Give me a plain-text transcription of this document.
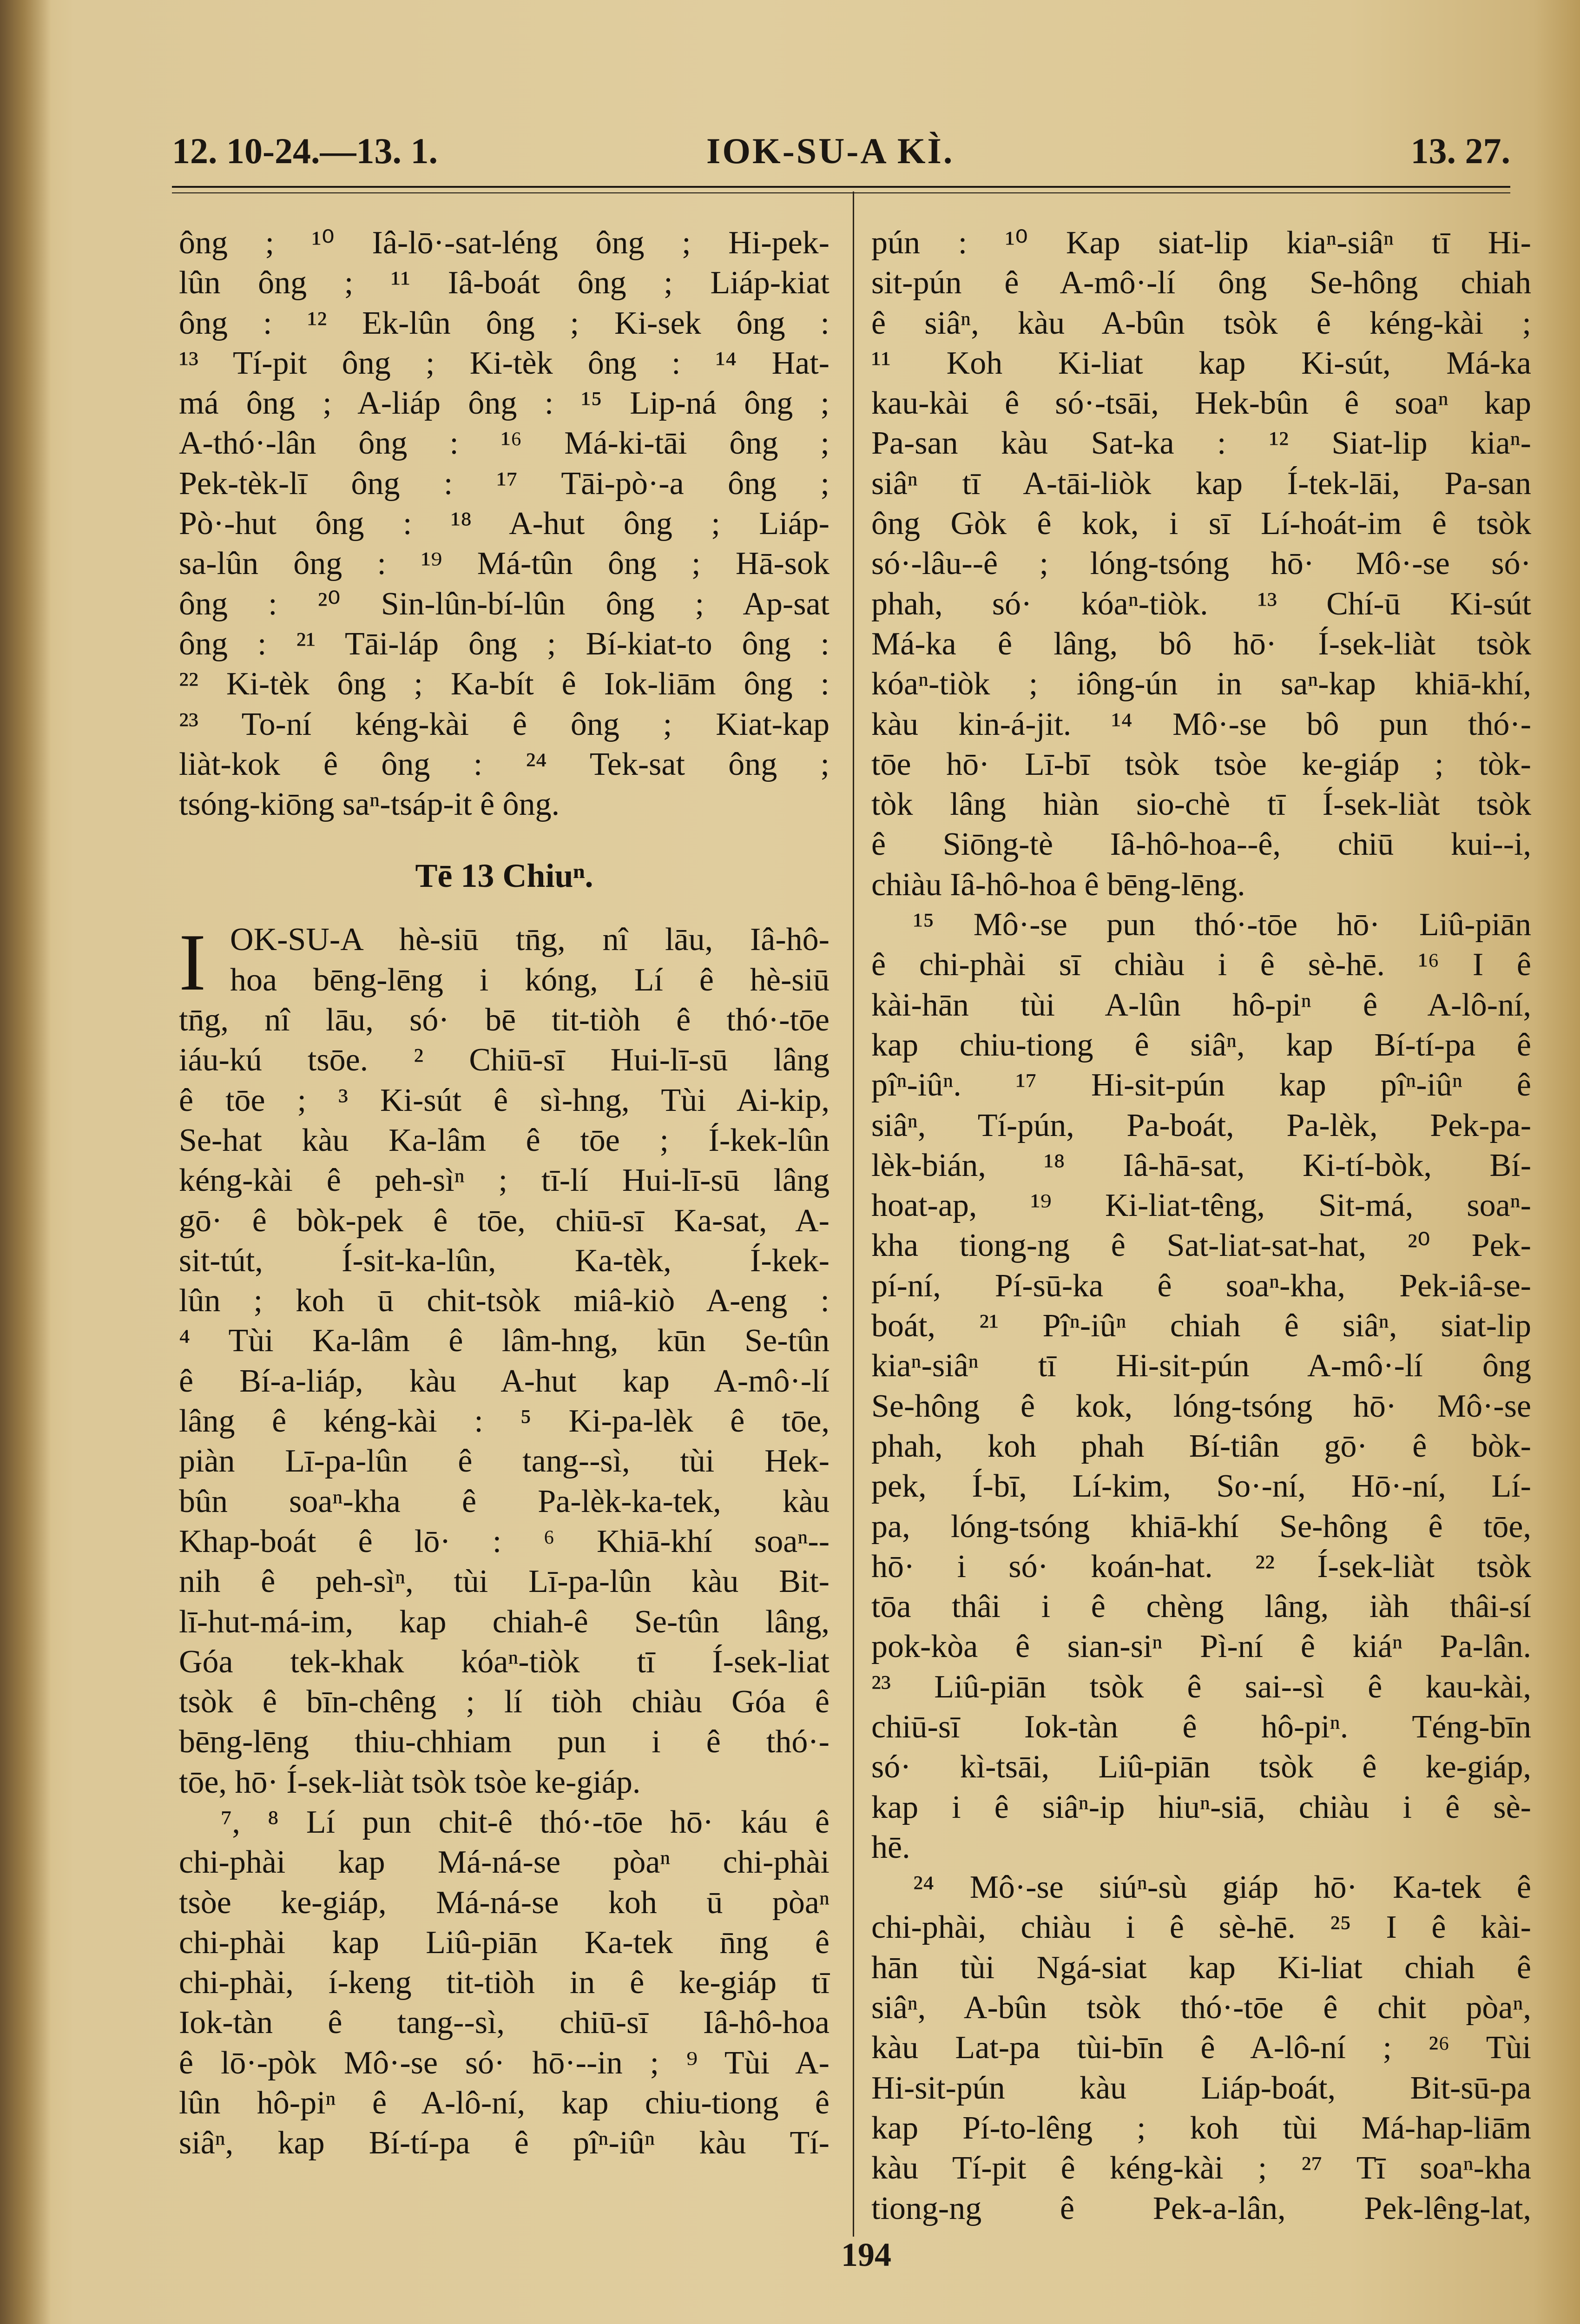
12. 10-24.—13. 1.	IOK-SU-A KÌ.	13. 27.
ông ; ¹⁰ Iâ-lō·-sat-léng ông ; Hi-pek-
lûn ông ; ¹¹ Iâ-boát ông ; Liáp-kiat
ông : ¹² Ek-lûn ông ; Ki-sek ông :
¹³ Tí-pit ông ; Ki-tèk ông : ¹⁴ Hat-
má ông ; A-liáp ông : ¹⁵ Lip-ná ông ;
A-thó·-lân ông : ¹⁶ Má-ki-tāi ông ;
Pek-tèk-lī ông : ¹⁷ Tāi-pò·-a ông ;
Pò·-hut ông : ¹⁸ A-hut ông ; Liáp-
sa-lûn ông : ¹⁹ Má-tûn ông ; Hā-sok
ông : ²⁰ Sin-lûn-bí-lûn ông ; Ap-sat
ông : ²¹ Tāi-láp ông ; Bí-kiat-to ông :
²² Ki-tèk ông ; Ka-bít ê Iok-liām ông :
²³ To-ní kéng-kài ê ông ; Kiat-kap
liàt-kok ê ông : ²⁴ Tek-sat ông ;
tsóng-kiōng saⁿ-tsáp-it ê ông.
Tē 13 Chiuⁿ.
I OK-SU-A hè-siū tn̄g, nî lāu, Iâ-hô-
hoa bēng-lēng i kóng, Lí ê hè-siū
tn̄g, nî lāu, só· bē tit-tiòh ê thó·-tōe
iáu-kú tsōe. ² Chiū-sī Hui-lī-sū lâng
ê tōe ; ³ Ki-sút ê sì-hng, Tùi Ai-kip,
Se-hat kàu Ka-lâm ê tōe ; Í-kek-lûn
kéng-kài ê peh-sìⁿ ; tī-lí Hui-lī-sū lâng
gō· ê bòk-pek ê tōe, chiū-sī Ka-sat, A-
sit-tút, Í-sit-ka-lûn, Ka-tèk, Í-kek-
lûn ; koh ū chit-tsòk miâ-kiò A-eng :
⁴ Tùi Ka-lâm ê lâm-hng, kūn Se-tûn
ê Bí-a-liáp, kàu A-hut kap A-mô·-lí
lâng ê kéng-kài : ⁵ Ki-pa-lèk ê tōe,
piàn Lī-pa-lûn ê tang--sì, tùi Hek-
bûn soaⁿ-kha ê Pa-lèk-ka-tek, kàu
Khap-boát ê lō· : ⁶ Khiā-khí soaⁿ--
nih ê peh-sìⁿ, tùi Lī-pa-lûn kàu Bit-
lī-hut-má-im, kap chiah-ê Se-tûn lâng,
Góa tek-khak kóaⁿ-tiòk tī Í-sek-liat
tsòk ê bīn-chêng ; lí tiòh chiàu Góa ê
bēng-lēng thiu-chhiam pun i ê thó·-
tōe, hō· Í-sek-liàt tsòk tsòe ke-giáp.
⁷, ⁸ Lí pun chit-ê thó·-tōe hō· káu ê
chi-phài kap Má-ná-se pòaⁿ chi-phài
tsòe ke-giáp, Má-ná-se koh ū pòaⁿ
chi-phài kap Liû-piān Ka-tek n̄ng ê
chi-phài, í-keng tit-tiòh in ê ke-giáp tī
Iok-tàn ê tang--sì, chiū-sī Iâ-hô-hoa
ê lō·-pòk Mô·-se só· hō·--in ; ⁹ Tùi A-
lûn hô-piⁿ ê A-lô-ní, kap chiu-tiong ê
siâⁿ, kap Bí-tí-pa ê pîⁿ-iûⁿ kàu Tí-
pún : ¹⁰ Kap siat-lip kiaⁿ-siâⁿ tī Hi-
sit-pún ê A-mô·-lí ông Se-hông chiah
ê siâⁿ, kàu A-bûn tsòk ê kéng-kài ;
¹¹ Koh Ki-liat kap Ki-sút, Má-ka
kau-kài ê só·-tsāi, Hek-bûn ê soaⁿ kap
Pa-san kàu Sat-ka : ¹² Siat-lip kiaⁿ-
siâⁿ tī A-tāi-liòk kap Í-tek-lāi, Pa-san
ông Gòk ê kok, i sī Lí-hoát-im ê tsòk
só·-lâu--ê ; lóng-tsóng hō· Mô·-se só·
phah, só· kóaⁿ-tiòk. ¹³ Chí-ū Ki-sút
Má-ka ê lâng, bô hō· Í-sek-liàt tsòk
kóaⁿ-tiòk ; iông-ún in saⁿ-kap khiā-khí,
kàu kin-á-jit. ¹⁴ Mô·-se bô pun thó·-
tōe hō· Lī-bī tsòk tsòe ke-giáp ; tòk-
tòk lâng hiàn sio-chè tī Í-sek-liàt tsòk
ê Siōng-tè Iâ-hô-hoa--ê, chiū kui--i,
chiàu Iâ-hô-hoa ê bēng-lēng.
¹⁵ Mô·-se pun thó·-tōe hō· Liû-piān
ê chi-phài sī chiàu i ê sè-hē. ¹⁶ I ê
kài-hān tùi A-lûn hô-piⁿ ê A-lô-ní,
kap chiu-tiong ê siâⁿ, kap Bí-tí-pa ê
pîⁿ-iûⁿ. ¹⁷ Hi-sit-pún kap pîⁿ-iûⁿ ê
siâⁿ, Tí-pún, Pa-boát, Pa-lèk, Pek-pa-
lèk-bián, ¹⁸ Iâ-hā-sat, Ki-tí-bòk, Bí-
hoat-ap, ¹⁹ Ki-liat-têng, Sit-má, soaⁿ-
kha tiong-ng ê Sat-liat-sat-hat, ²⁰ Pek-
pí-ní, Pí-sū-ka ê soaⁿ-kha, Pek-iâ-se-
boát, ²¹ Pîⁿ-iûⁿ chiah ê siâⁿ, siat-lip
kiaⁿ-siâⁿ tī Hi-sit-pún A-mô·-lí ông
Se-hông ê kok, lóng-tsóng hō· Mô·-se
phah, koh phah Bí-tiân gō· ê bòk-
pek, Í-bī, Lí-kim, So·-ní, Hō·-ní, Lí-
pa, lóng-tsóng khiā-khí Se-hông ê tōe,
hō· i só· koán-hat. ²² Í-sek-liàt tsòk
tōa thâi i ê chèng lâng, iàh thâi-sí
pok-kòa ê sian-siⁿ Pì-ní ê kiáⁿ Pa-lân.
²³ Liû-piān tsòk ê sai--sì ê kau-kài,
chiū-sī Iok-tàn ê hô-piⁿ. Téng-bīn
só· kì-tsāi, Liû-piān tsòk ê ke-giáp,
kap i ê siâⁿ-ip hiuⁿ-siā, chiàu i ê sè-
hē.
²⁴ Mô·-se siúⁿ-sù giáp hō· Ka-tek ê
chi-phài, chiàu i ê sè-hē. ²⁵ I ê kài-
hān tùi Ngá-siat kap Ki-liat chiah ê
siâⁿ, A-bûn tsòk thó·-tōe ê chit pòaⁿ,
kàu Lat-pa tùi-bīn ê A-lô-ní ; ²⁶ Tùi
Hi-sit-pún kàu Liáp-boát, Bit-sū-pa
kap Pí-to-lêng ; koh tùi Má-hap-liām
kàu Tí-pit ê kéng-kài ; ²⁷ Tī soaⁿ-kha
tiong-ng ê Pek-a-lân, Pek-lêng-lat,
194
